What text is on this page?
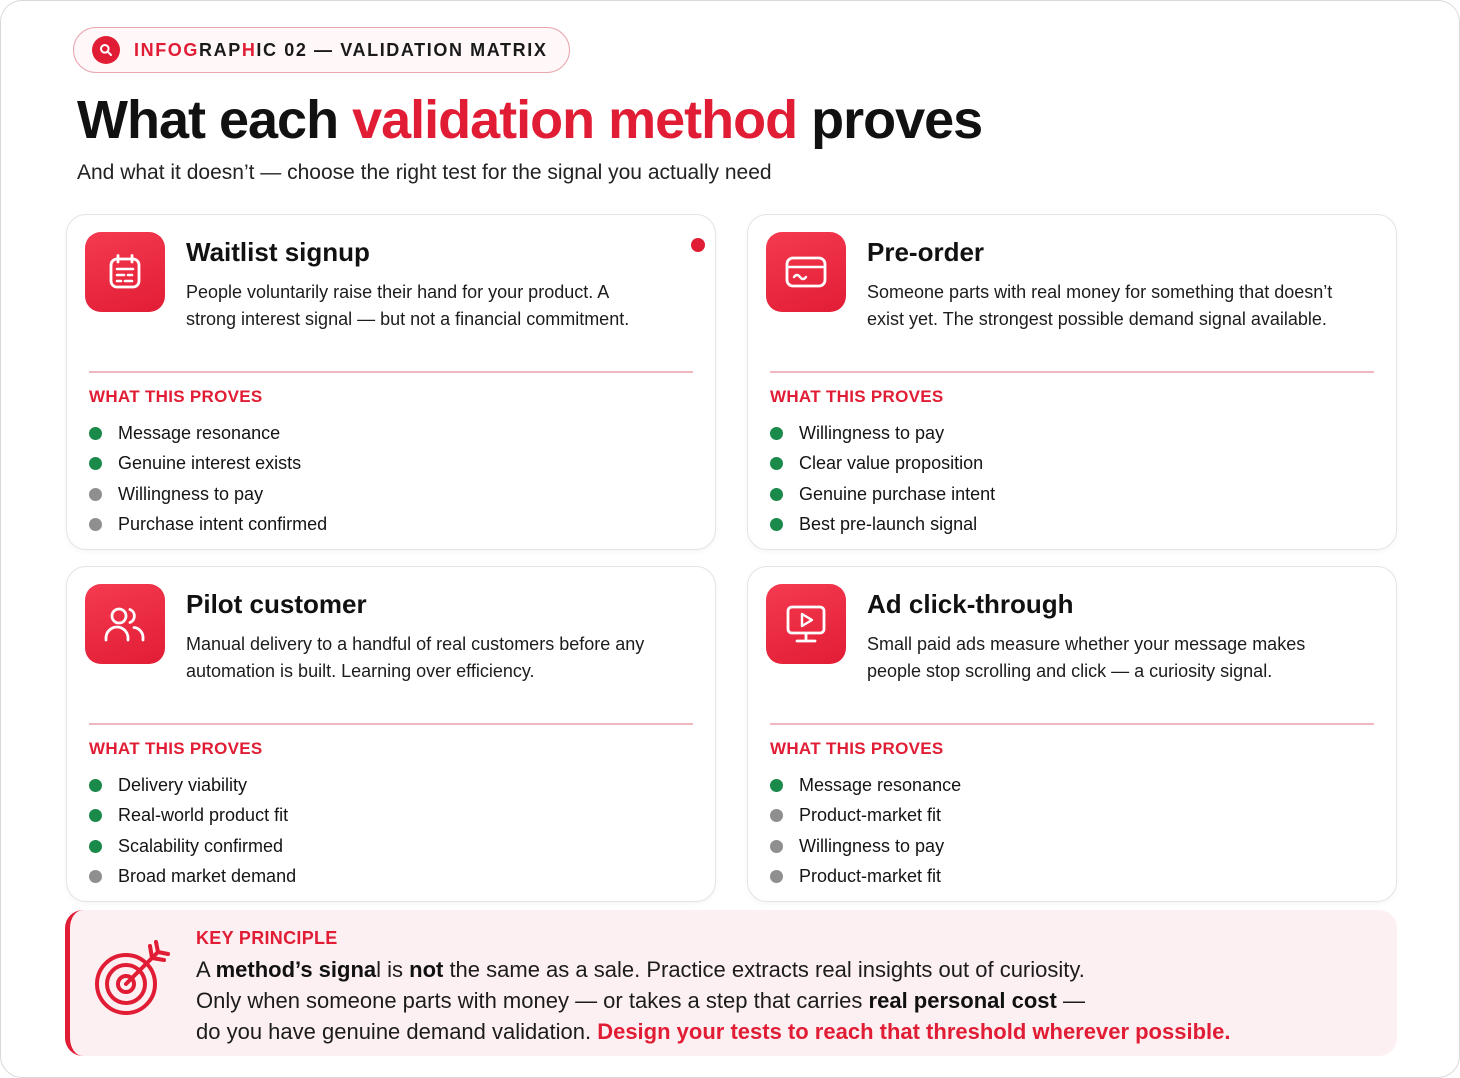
INFOGRAPHIC 02 — VALIDATION MATRIX
What each validation method proves

And what it doesn’t — choose the right test for the signal you actually need

Waitlist signup
People voluntarily raise their hand for your product. A strong interest signal — but not a financial commitment.
WHAT THIS PROVES
Message resonance
Genuine interest exists
Willingness to pay
Purchase intent confirmed
Pre-order
Someone parts with real money for something that doesn’t exist yet. The strongest possible demand signal available.
WHAT THIS PROVES
Willingness to pay
Clear value proposition
Genuine purchase intent
Best pre-launch signal
Pilot customer
Manual delivery to a handful of real customers before any automation is built. Learning over efficiency.
WHAT THIS PROVES
Delivery viability
Real-world product fit
Scalability confirmed
Broad market demand
Ad click-through
Small paid ads measure whether your message makes people stop scrolling and click — a curiosity signal.
WHAT THIS PROVES
Message resonance
Product-market fit
Willingness to pay
Product-market fit
KEY PRINCIPLE
A method’s signal is not the same as a sale. Practice extracts real insights out of curiosity.
Only when someone parts with money — or takes a step that carries real personal cost —
do you have genuine demand validation. Design your tests to reach that threshold wherever possible.
